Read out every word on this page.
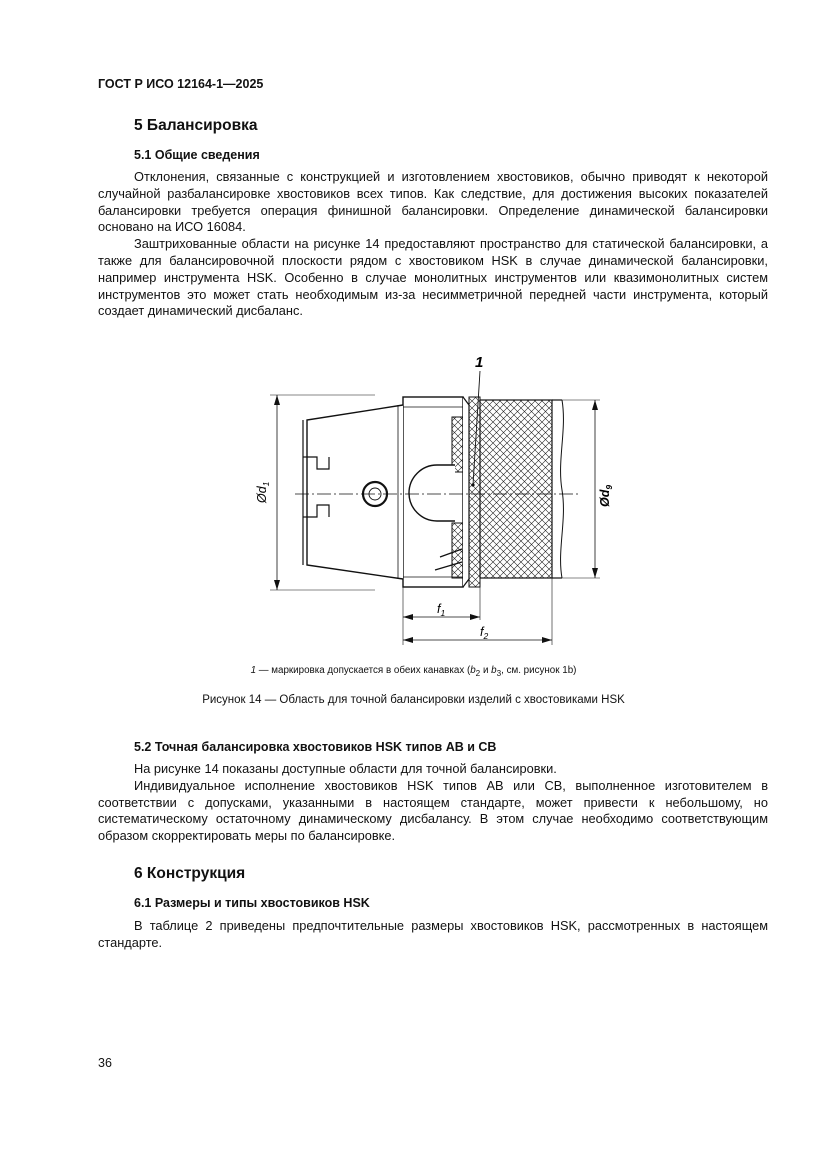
ГОСТ Р ИСО 12164-1—2025
5 Балансировка
5.1 Общие сведения

Отклонения, связанные с конструкцией и изготовлением хвостовиков, обычно приводят к некоторой случайной разбалансировке хвостовиков всех типов. Как следствие, для достижения высоких показателей балансировки требуется операция финишной балансировки. Определение динамической балансировки основано на ИСО 16084.

Заштрихованные области на рисунке 14 предоставляют пространство для статической балансировки, а также для балансировочной плоскости рядом с хвостовиком HSK в случае динамической балансировки, например инструмента HSK. Особенно в случае монолитных инструментов или квазимонолитных систем инструментов это может стать необходимым из-за несимметричной передней части инструмента, который создает динамический дисбаланс.

1
$Ød_1$
$Ød_9$
$f_1$
$f_2$
1 — маркировка допускается в обеих канавках ($b_2$ и $b_3$, см. рисунок 1b)
Рисунок 14 — Область для точной балансировки изделий с хвостовиками HSK
5.2 Точная балансировка хвостовиков HSK типов АВ и СВ

На рисунке 14 показаны доступные области для точной балансировки.

Индивидуальное исполнение хвостовиков HSK типов АВ или СВ, выполненное изготовителем в соответствии с допусками, указанными в настоящем стандарте, может привести к небольшому, но систематическому остаточному динамическому дисбалансу. В этом случае необходимо соответствующим образом скорректировать меры по балансировке.

6 Конструкция
6.1 Размеры и типы хвостовиков HSK

В таблице 2 приведены предпочтительные размеры хвостовиков HSK, рассмотренных в настоящем стандарте.

36
